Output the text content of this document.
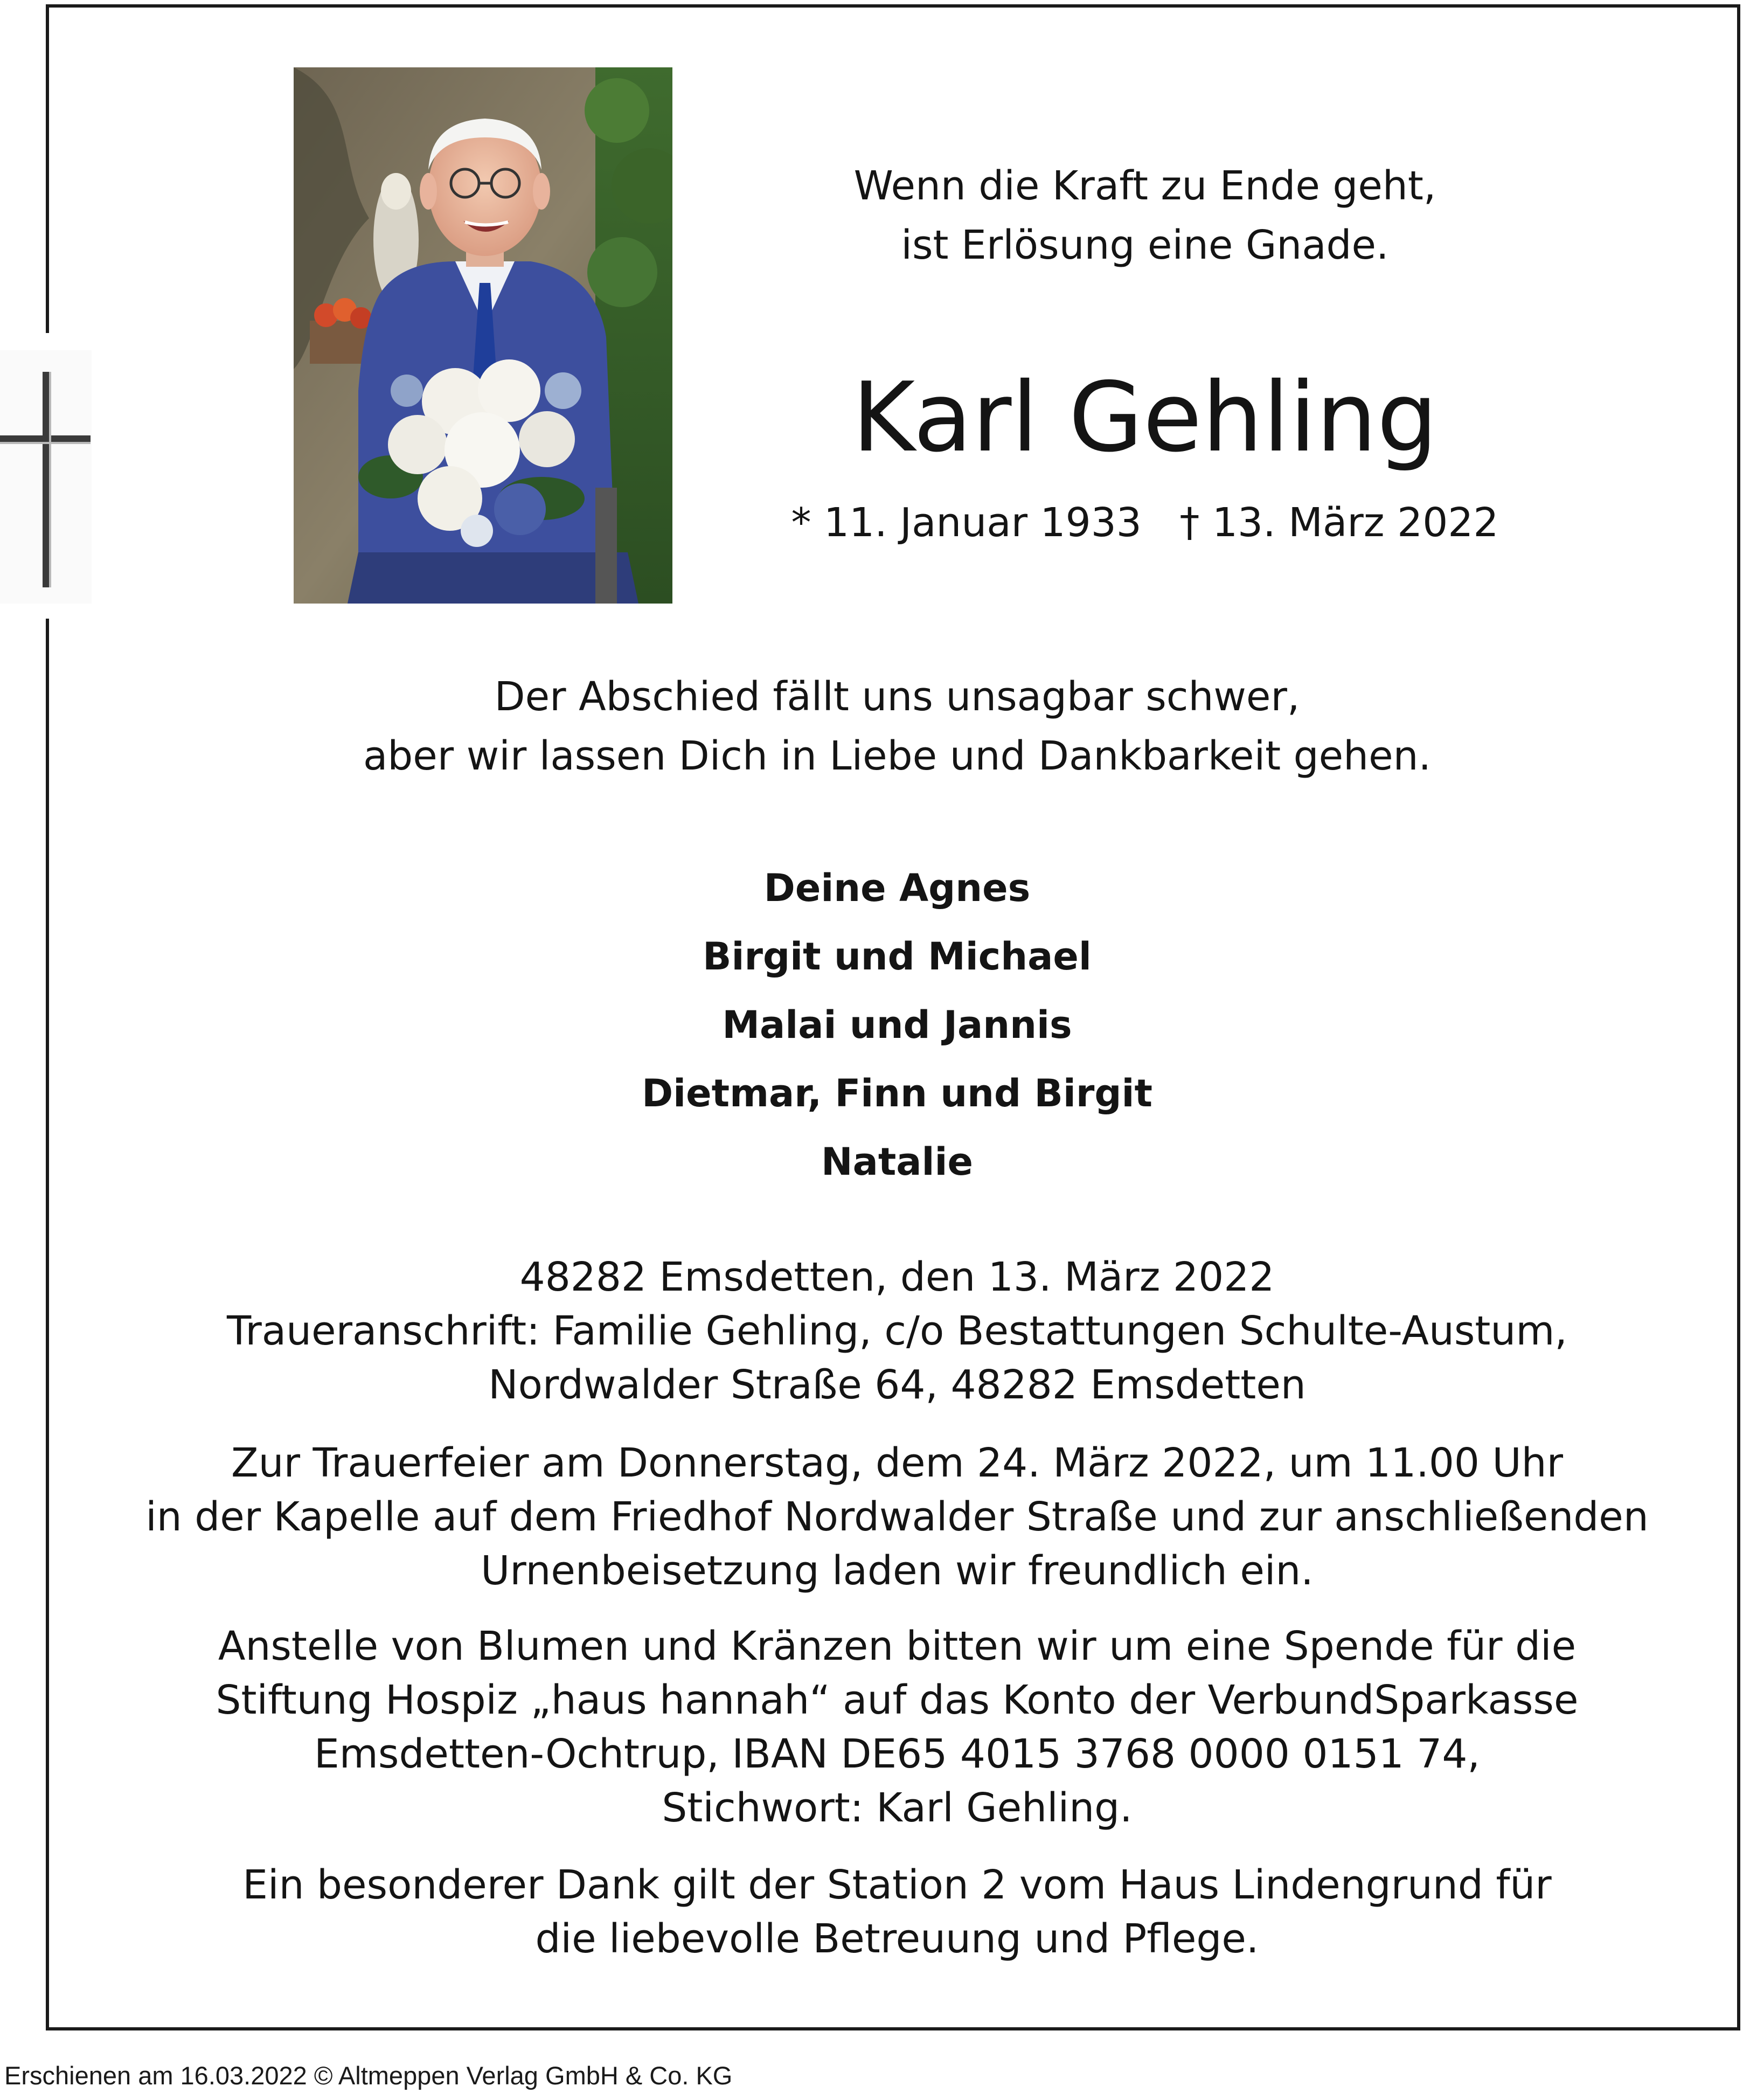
Wenn die Kraft zu Ende geht,
ist Erlösung eine Gnade.
Karl Gehling
* 11. Januar 1933   † 13. März 2022
Der Abschied fällt uns unsagbar schwer,
aber wir lassen Dich in Liebe und Dankbarkeit gehen.
Deine Agnes
Birgit und Michael
Malai und Jannis
Dietmar, Finn und Birgit
Natalie
48282 Emsdetten, den 13. März 2022
Traueranschrift: Familie Gehling, c/o Bestattungen Schulte-Austum,
Nordwalder Straße 64, 48282 Emsdetten
Zur Trauerfeier am Donnerstag, dem 24. März 2022, um 11.00 Uhr
in der Kapelle auf dem Friedhof Nordwalder Straße und zur anschließenden
Urnenbeisetzung laden wir freundlich ein.
Anstelle von Blumen und Kränzen bitten wir um eine Spende für die
Stiftung Hospiz „haus hannah“ auf das Konto der VerbundSparkasse
Emsdetten-Ochtrup, IBAN DE65 4015 3768 0000 0151 74,
Stichwort: Karl Gehling.
Ein besonderer Dank gilt der Station 2 vom Haus Lindengrund für
die liebevolle Betreuung und Pflege.
Erschienen am 16.03.2022 © Altmeppen Verlag GmbH & Co. KG
